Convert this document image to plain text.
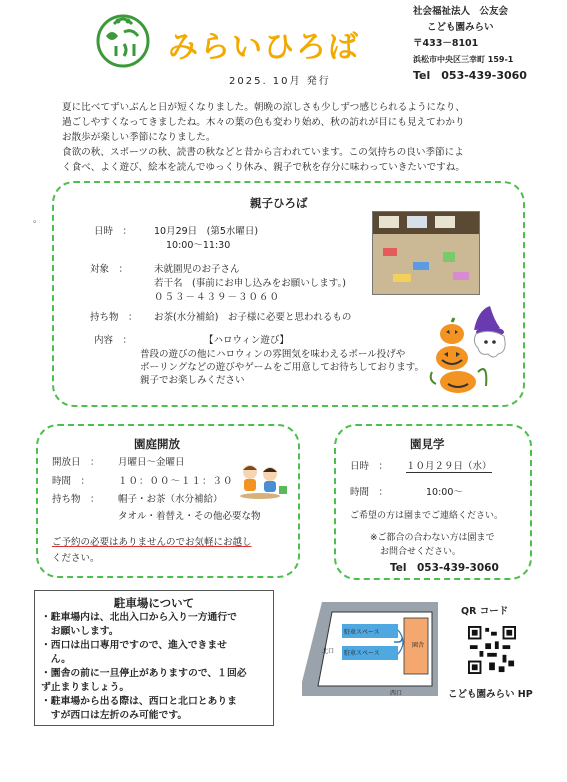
みらいひろば
2025. 10月 発行
社会福祉法人　公友会
こども園みらい
〒433－8101
浜松市中央区三幸町 159-1
Tel　053-439-3060
夏に比べてずいぶんと日が短くなりました。朝晩の涼しさも少しずつ感じられるようになり、
過ごしやすくなってきましたね。木々の葉の色も変わり始め、秋の訪れが目にも見えてわかり
お散歩が楽しい季節になりました。
食欲の秋、スポーツの秋、読書の秋などと昔から言われています。この気持ちの良い季節によ
く食べ、よく遊び、絵本を読んでゆっくり休み、親子で秋を存分に味わっていきたいですね。
。
親子ひろば
日時　： 10月29日　(第5水曜日)
10:00～11:30
対象　：	未就園児のお子さん
若干名　(事前にお申し込みをお願いします。)
０５３－４３９－３０６０
持ち物　： お茶(水分補給)　お子様に必要と思われるもの
内容　：	【ハロウィン遊び】
普段の遊びの他にハロウィンの雰囲気を味わえるボール投げや
ボーリングなどの遊びやゲームをご用意してお待ちしております。
親子でお楽しみください
園庭開放
開放日　： 月曜日～金曜日
時間　：	１０：００～１１：３０
持ち物　： 帽子・お茶（水分補給）
タオル・着替え・その他必要な物
ご予約の必要はありませんのでお気軽にお越し
ください。
園見学
日時　： １０月２９日（水）
時間　：	10:00～
ご希望の方は園までご連絡ください。
※ご都合の合わない方は園まで
お問合せください。
Tel　053-439-3060
駐車場について
・駐車場内は、北出入口から入り一方通行で
　お願いします。
・西口は出口専用ですので、進入できませ
　ん。
・園舎の前に一旦停止がありますので、１回必
ず止まりましょう。
・駐車場から出る際は、西口と北口とありま
　すが西口は左折のみ可能です。
駐車スペース
駐車スペース
園舎
北口
西口
QR コード
こども園みらい HP
